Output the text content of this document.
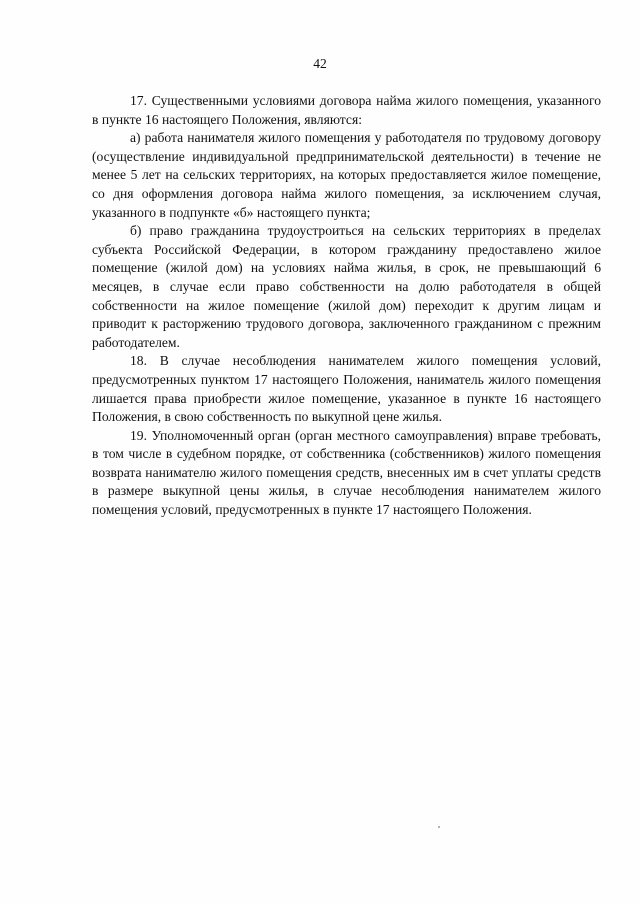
42

17. Существенными условиями договора найма жилого помещения, указанного в пункте 16 настоящего Положения, являются:

а) работа нанимателя жилого помещения у работодателя по трудовому договору (осуществление индивидуальной предпринимательской деятельности) в течение не менее 5 лет на сельских территориях, на которых предоставляется жилое помещение, со дня оформления договора найма жилого помещения, за исключением случая, указанного в подпункте «б» настоящего пункта;

б) право гражданина трудоустроиться на сельских территориях в пределах субъекта Российской Федерации, в котором гражданину предоставлено жилое помещение (жилой дом) на условиях найма жилья, в срок, не превышающий 6 месяцев, в случае если право собственности на долю работодателя в общей собственности на жилое помещение (жилой дом) переходит к другим лицам и приводит к расторжению трудового договора, заключенного гражданином с прежним работодателем.

18. В случае несоблюдения нанимателем жилого помещения условий, предусмотренных пунктом 17 настоящего Положения, наниматель жилого помещения лишается права приобрести жилое помещение, указанное в пункте 16 настоящего Положения, в свою собственность по выкупной цене жилья.

19. Уполномоченный орган (орган местного самоуправления) вправе требовать, в том числе в судебном порядке, от собственника (собственников) жилого помещения возврата нанимателю жилого помещения средств, внесенных им в счет уплаты средств в размере выкупной цены жилья, в случае несоблюдения нанимателем жилого помещения условий, предусмотренных в пункте 17 настоящего Положения.
